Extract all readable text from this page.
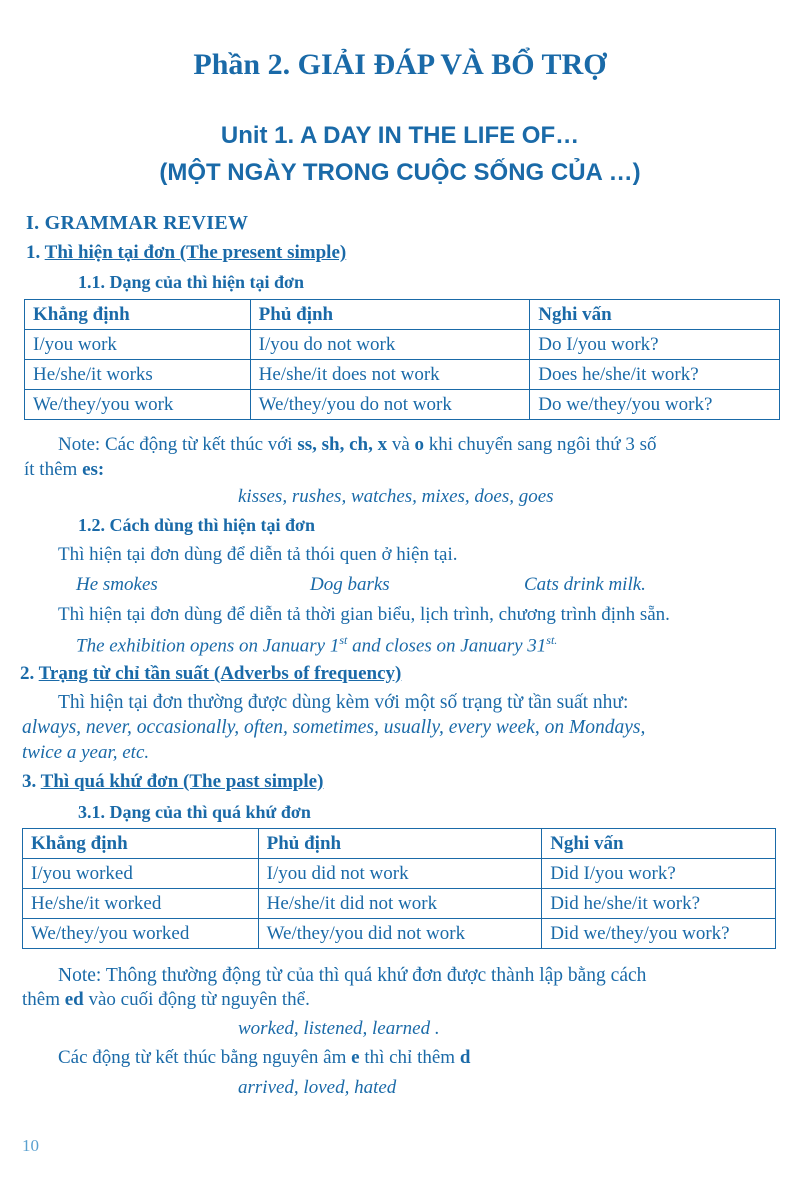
Phần 2. GIẢI ĐÁP VÀ BỔ TRỢ
Unit 1. A DAY IN THE LIFE OF…
(MỘT NGÀY TRONG CUỘC SỐNG CỦA …)
I. GRAMMAR REVIEW
1. Thì hiện tại đơn (The present simple)
1.1. Dạng của thì hiện tại đơn
Khẳng định	Phủ định	Nghi vấn
I/you work	I/you do not work	Do I/you work?
He/she/it works	He/she/it does not work	Does he/she/it work?
We/they/you work	We/they/you do not work	Do we/they/you work?
Note: Các động từ kết thúc với ss, sh, ch, x và o khi chuyển sang ngôi thứ 3 số
ít thêm es:
kisses, rushes, watches, mixes, does, goes
1.2. Cách dùng thì hiện tại đơn
Thì hiện tại đơn dùng để diễn tả thói quen ở hiện tại.
He smokes	Dog barks	Cats drink milk.
Thì hiện tại đơn dùng để diễn tả thời gian biểu, lịch trình, chương trình định sẵn.
The exhibition opens on January 1st and closes on January $31^{st.}$
2. Trạng từ chỉ tần suất (Adverbs of frequency)
Thì hiện tại đơn thường được dùng kèm với một số trạng từ tần suất như:
always, never, occasionally, often, sometimes, usually, every week, on Mondays,
twice a year, etc.
3. Thì quá khứ đơn (The past simple)
3.1. Dạng của thì quá khứ đơn
Khẳng định	Phủ định	Nghi vấn
I/you worked	I/you did not work	Did I/you work?
He/she/it worked	He/she/it did not work	Did he/she/it work?
We/they/you worked	We/they/you did not work	Did we/they/you work?
Note: Thông thường động từ của thì quá khứ đơn được thành lập bằng cách
thêm ed vào cuối động từ nguyên thể.
worked, listened, learned .
Các động từ kết thúc bằng nguyên âm e thì chỉ thêm d
arrived, loved, hated
10
